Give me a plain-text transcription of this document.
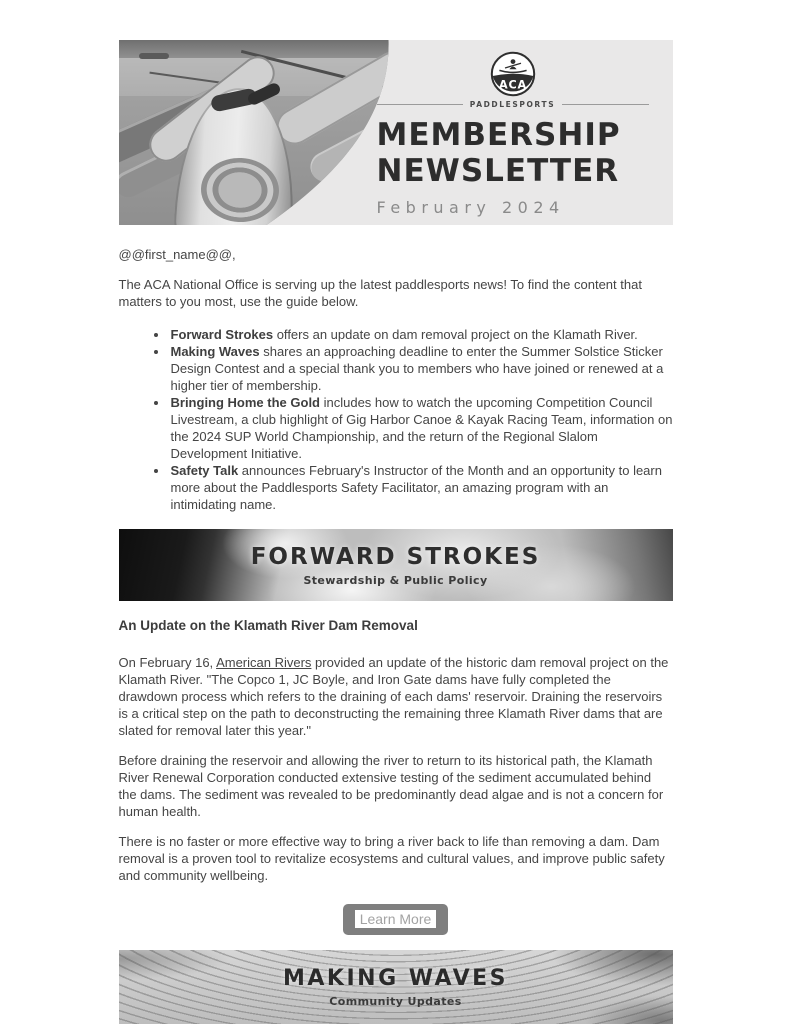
ACA
PADDLESPORTS
MEMBERSHIP
NEWSLETTER
February 2024

@@first_name@@,

The ACA National Office is serving up the latest paddlesports news! To find the content that matters to you most, use the guide below.

• Forward Strokes offers an update on dam removal project on the Klamath River.
• Making Waves shares an approaching deadline to enter the Summer Solstice Sticker Design Contest and a special thank you to members who have joined or renewed at a higher tier of membership.
• Bringing Home the Gold includes how to watch the upcoming Competition Council Livestream, a club highlight of Gig Harbor Canoe & Kayak Racing Team, information on the 2024 SUP World Championship, and the return of the Regional Slalom Development Initiative.
• Safety Talk announces February's Instructor of the Month and an opportunity to learn more about the Paddlesports Safety Facilitator, an amazing program with an intimidating name.
FORWARD STROKES
Stewardship & Public Policy
An Update on the Klamath River Dam Removal

On February 16, American Rivers provided an update of the historic dam removal project on the Klamath River. "The Copco 1, JC Boyle, and Iron Gate dams have fully completed the drawdown process which refers to the draining of each dams' reservoir. Draining the reservoirs is a critical step on the path to deconstructing the remaining three Klamath River dams that are slated for removal later this year."

Before draining the reservoir and allowing the river to return to its historical path, the Klamath River Renewal Corporation conducted extensive testing of the sediment accumulated behind the dams. The sediment was revealed to be predominantly dead algae and is not a concern for human health.

There is no faster or more effective way to bring a river back to life than removing a dam. Dam removal is a proven tool to revitalize ecosystems and cultural values, and improve public safety and community wellbeing.

Learn More
MAKING WAVES
Community Updates
